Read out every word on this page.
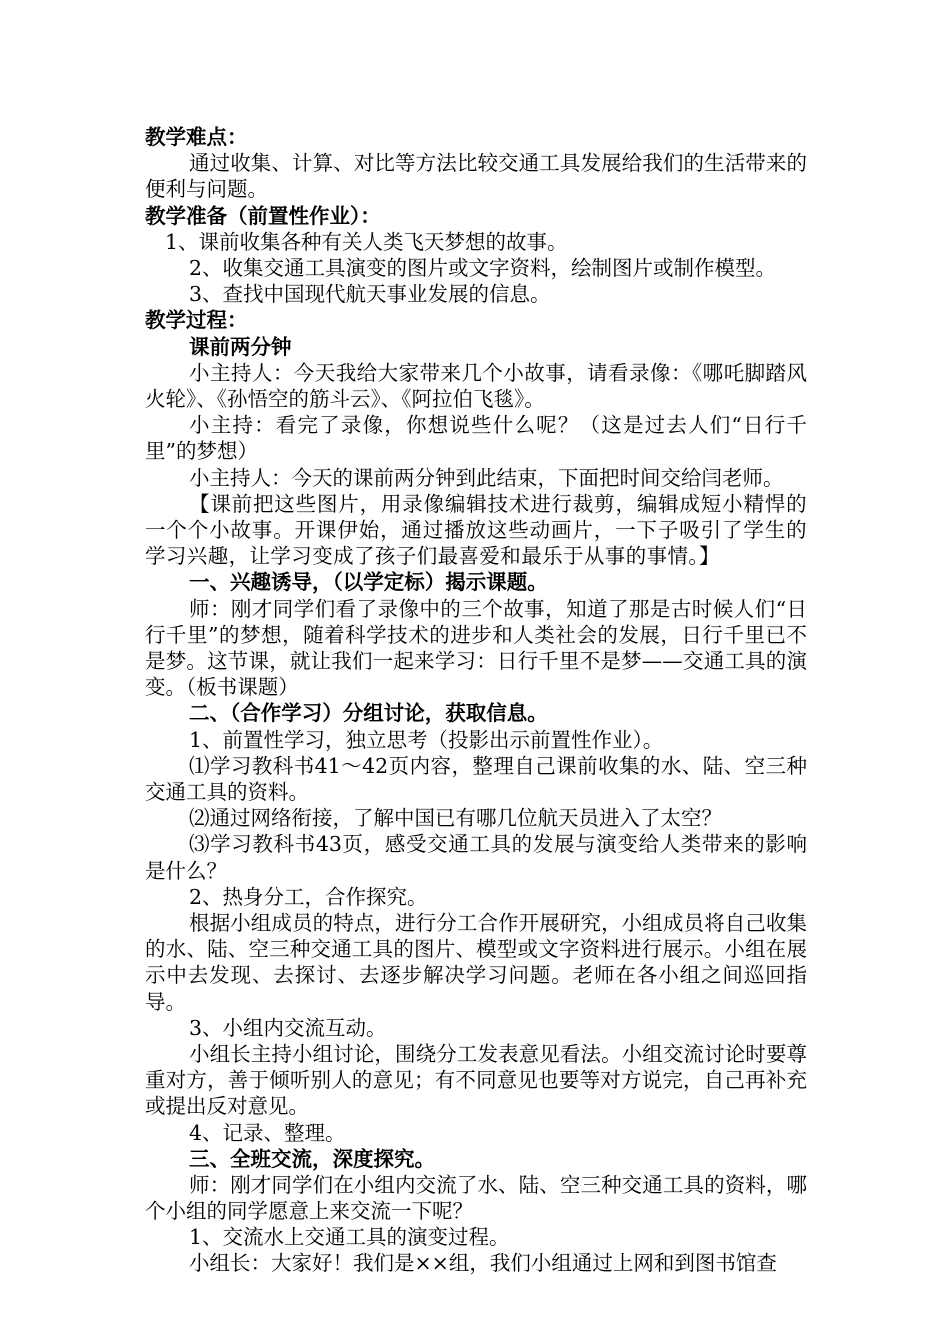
教学难点：
通过收集、计算、对比等方法比较交通工具发展给我们的生活带来的便利与问题。
教学准备（前置性作业）：
1、课前收集各种有关人类飞天梦想的故事。
2、收集交通工具演变的图片或文字资料，绘制图片或制作模型。
3、查找中国现代航天事业发展的信息。
教学过程：
课前两分钟
小主持人：今天我给大家带来几个小故事，请看录像：《哪吒脚踏风火轮》、《孙悟空的筋斗云》、《阿拉伯飞毯》。
小主持：看完了录像，你想说些什么呢？（这是过去人们“日行千里”的梦想）
小主持人：今天的课前两分钟到此结束，下面把时间交给闫老师。
【课前把这些图片，用录像编辑技术进行裁剪，编辑成短小精悍的一个个小故事。开课伊始，通过播放这些动画片，一下子吸引了学生的学习兴趣，让学习变成了孩子们最喜爱和最乐于从事的事情。】
一、兴趣诱导，（以学定标）揭示课题。
师：刚才同学们看了录像中的三个故事，知道了那是古时候人们“日行千里”的梦想，随着科学技术的进步和人类社会的发展，日行千里已不是梦。这节课，就让我们一起来学习：日行千里不是梦——交通工具的演变。（板书课题）
二、（合作学习）分组讨论，获取信息。
1、前置性学习，独立思考（投影出示前置性作业）。
⑴学习教科书41～42页内容，整理自己课前收集的水、陆、空三种交通工具的资料。
⑵通过网络衔接，了解中国已有哪几位航天员进入了太空？
⑶学习教科书43页，感受交通工具的发展与演变给人类带来的影响是什么？
2、热身分工，合作探究。
根据小组成员的特点，进行分工合作开展研究，小组成员将自己收集的水、陆、空三种交通工具的图片、模型或文字资料进行展示。小组在展示中去发现、去探讨、去逐步解决学习问题。老师在各小组之间巡回指导。
3、小组内交流互动。
小组长主持小组讨论，围绕分工发表意见看法。小组交流讨论时要尊重对方，善于倾听别人的意见；有不同意见也要等对方说完，自己再补充或提出反对意见。
4、记录、整理。
三、全班交流，深度探究。
师：刚才同学们在小组内交流了水、陆、空三种交通工具的资料，哪个小组的同学愿意上来交流一下呢？
1、交流水上交通工具的演变过程。
小组长：大家好！我们是××组，我们小组通过上网和到图书馆查
